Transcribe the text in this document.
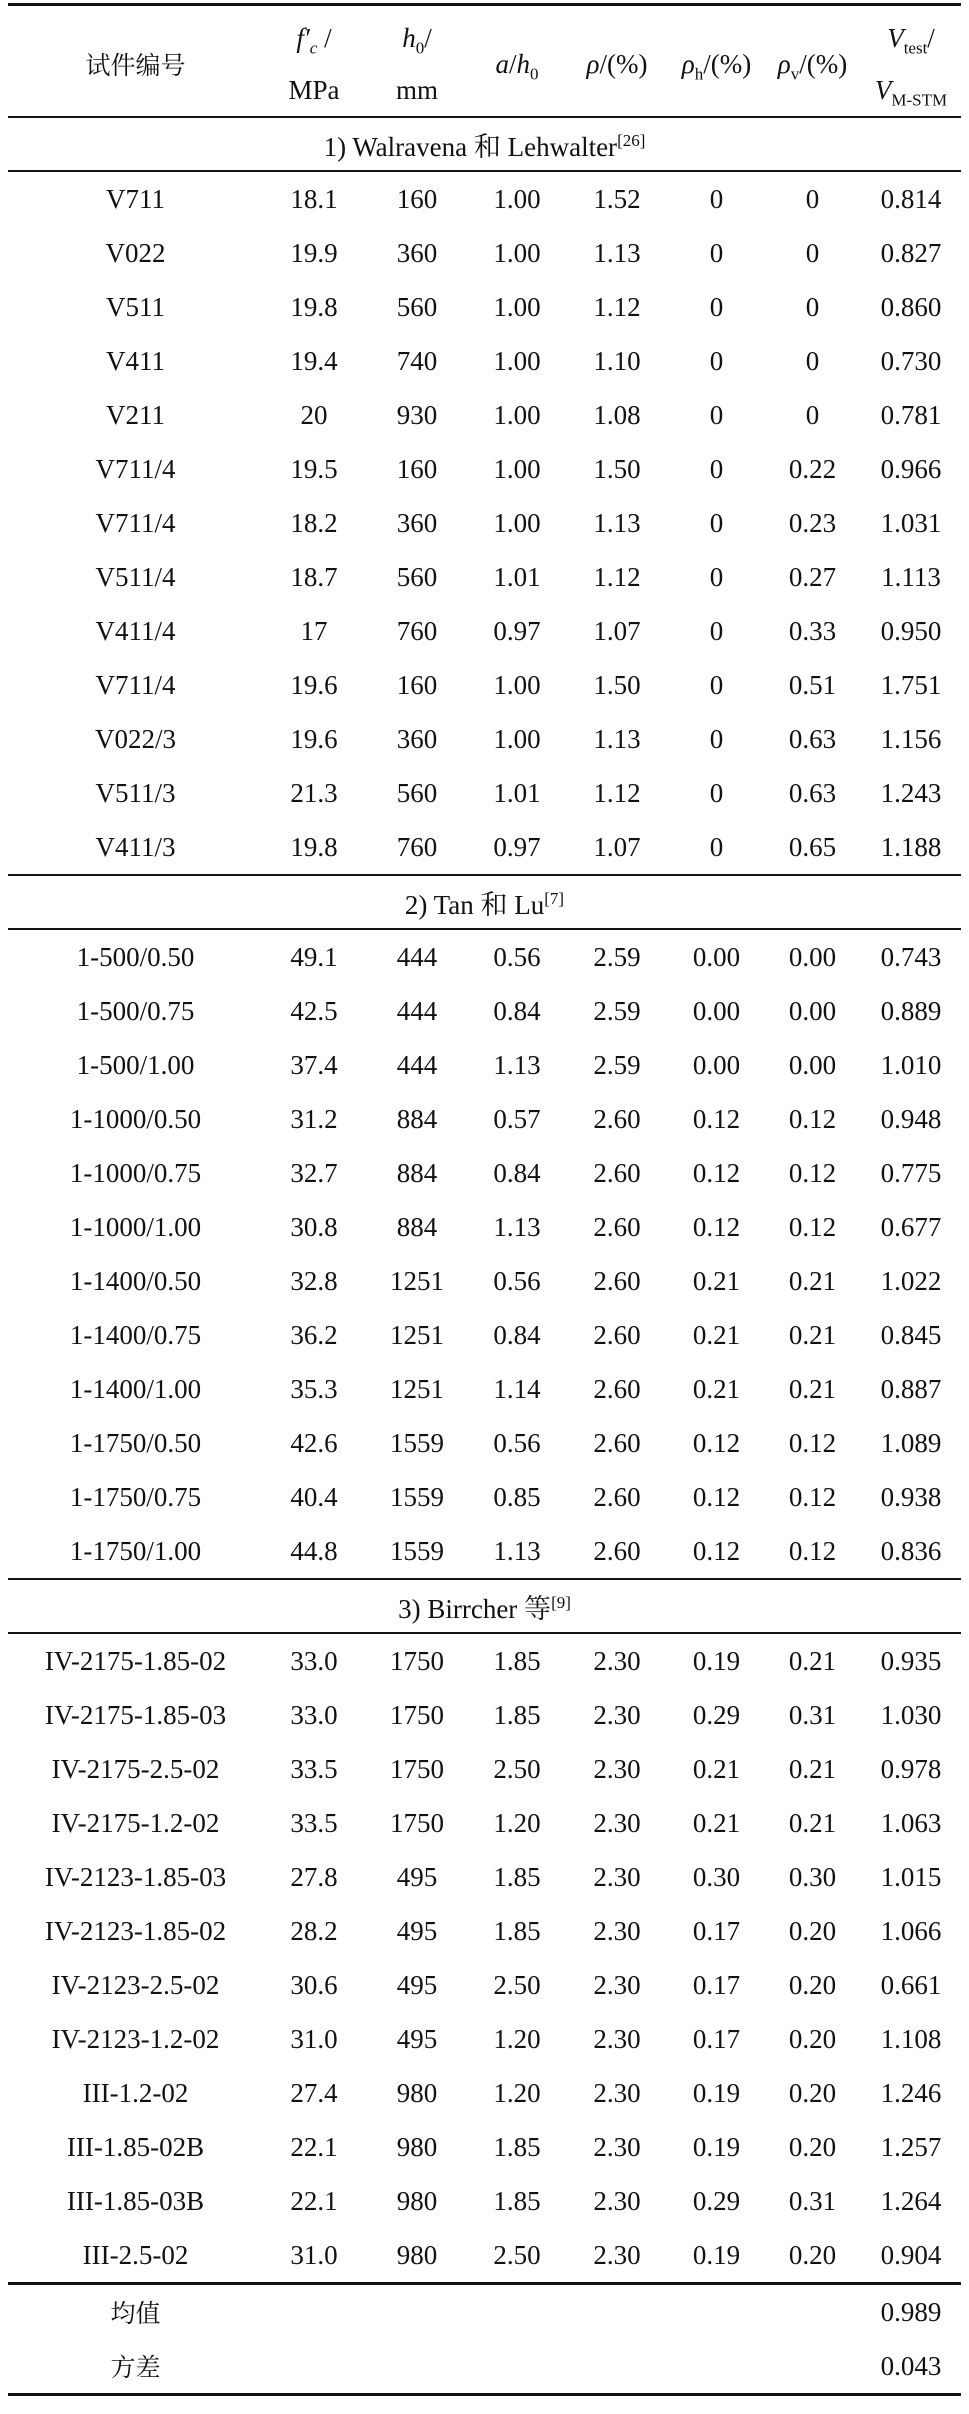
试件编号	$f'_c$ /	$h_0/$	$a/h_0$	ρ/(%)	$\rho_h/(\%)$	$\rho_v/(\%)$	$V_{test}/$
	MPa	mm					$V_{M-STM}$
1) Walravena 和 Lehwalter[26]
V711	18.1	160	1.00	1.52	0	0	0.814
V022	19.9	360	1.00	1.13	0	0	0.827
V511	19.8	560	1.00	1.12	0	0	0.860
V411	19.4	740	1.00	1.10	0	0	0.730
V211	20	930	1.00	1.08	0	0	0.781
V711/4	19.5	160	1.00	1.50	0	0.22	0.966
V711/4	18.2	360	1.00	1.13	0	0.23	1.031
V511/4	18.7	560	1.01	1.12	0	0.27	1.113
V411/4	17	760	0.97	1.07	0	0.33	0.950
V711/4	19.6	160	1.00	1.50	0	0.51	1.751
V022/3	19.6	360	1.00	1.13	0	0.63	1.156
V511/3	21.3	560	1.01	1.12	0	0.63	1.243
V411/3	19.8	760	0.97	1.07	0	0.65	1.188
2) Tan 和 Lu[7]
1-500/0.50	49.1	444	0.56	2.59	0.00	0.00	0.743
1-500/0.75	42.5	444	0.84	2.59	0.00	0.00	0.889
1-500/1.00	37.4	444	1.13	2.59	0.00	0.00	1.010
1-1000/0.50	31.2	884	0.57	2.60	0.12	0.12	0.948
1-1000/0.75	32.7	884	0.84	2.60	0.12	0.12	0.775
1-1000/1.00	30.8	884	1.13	2.60	0.12	0.12	0.677
1-1400/0.50	32.8	1251	0.56	2.60	0.21	0.21	1.022
1-1400/0.75	36.2	1251	0.84	2.60	0.21	0.21	0.845
1-1400/1.00	35.3	1251	1.14	2.60	0.21	0.21	0.887
1-1750/0.50	42.6	1559	0.56	2.60	0.12	0.12	1.089
1-1750/0.75	40.4	1559	0.85	2.60	0.12	0.12	0.938
1-1750/1.00	44.8	1559	1.13	2.60	0.12	0.12	0.836
3) Birrcher 等[9]
IV-2175-1.85-02	33.0	1750	1.85	2.30	0.19	0.21	0.935
IV-2175-1.85-03	33.0	1750	1.85	2.30	0.29	0.31	1.030
IV-2175-2.5-02	33.5	1750	2.50	2.30	0.21	0.21	0.978
IV-2175-1.2-02	33.5	1750	1.20	2.30	0.21	0.21	1.063
IV-2123-1.85-03	27.8	495	1.85	2.30	0.30	0.30	1.015
IV-2123-1.85-02	28.2	495	1.85	2.30	0.17	0.20	1.066
IV-2123-2.5-02	30.6	495	2.50	2.30	0.17	0.20	0.661
IV-2123-1.2-02	31.0	495	1.20	2.30	0.17	0.20	1.108
III-1.2-02	27.4	980	1.20	2.30	0.19	0.20	1.246
III-1.85-02B	22.1	980	1.85	2.30	0.19	0.20	1.257
III-1.85-03B	22.1	980	1.85	2.30	0.29	0.31	1.264
III-2.5-02	31.0	980	2.50	2.30	0.19	0.20	0.904
均值							0.989
方差							0.043
